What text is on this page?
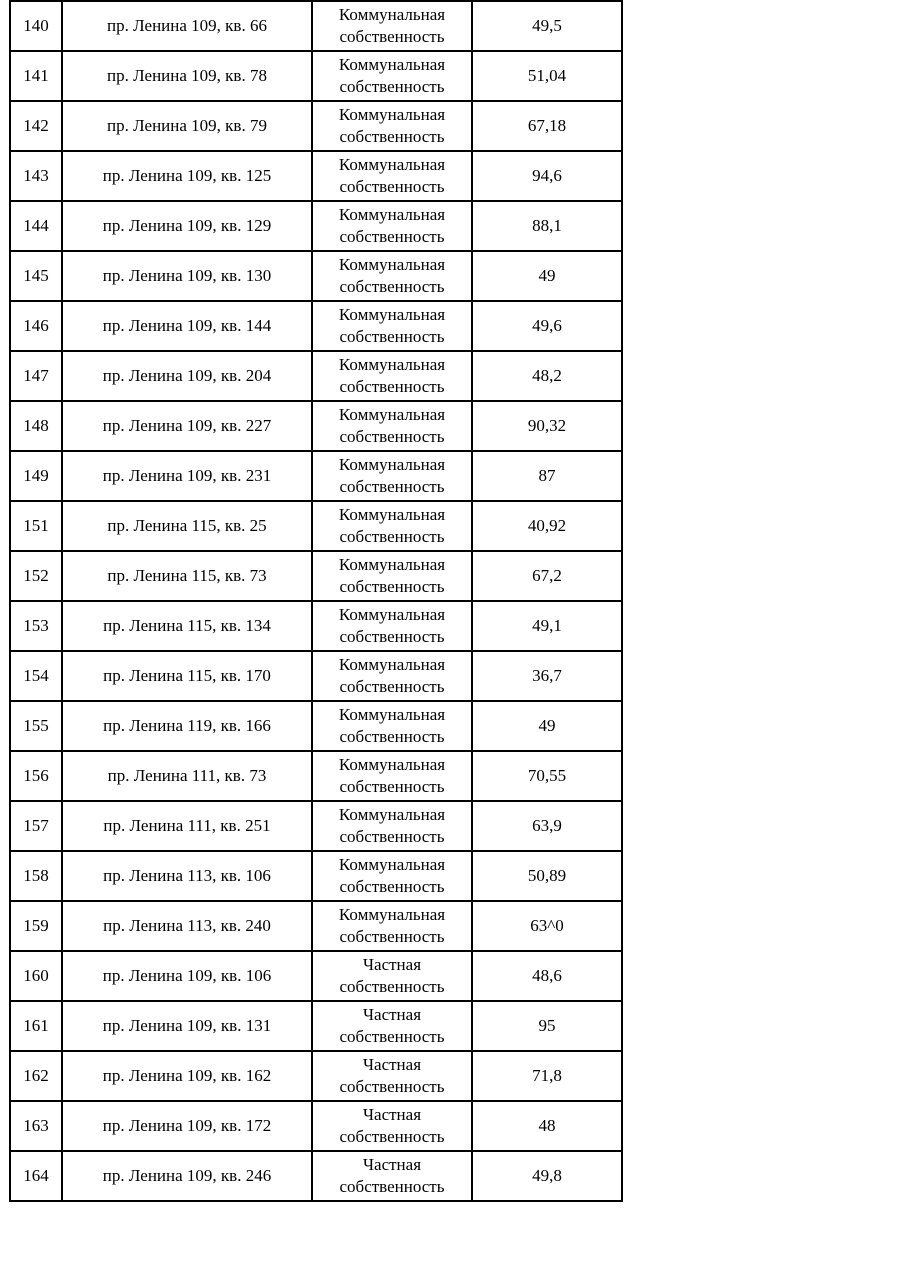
140	пр. Ленина 109, кв. 66	Коммунальная собственность	49,5
141	пр. Ленина 109, кв. 78	Коммунальная собственность	51,04
142	пр. Ленина 109, кв. 79	Коммунальная собственность	67,18
143	пр. Ленина 109, кв. 125	Коммунальная собственность	94,6
144	пр. Ленина 109, кв. 129	Коммунальная собственность	88,1
145	пр. Ленина 109, кв. 130	Коммунальная собственность	49
146	пр. Ленина 109, кв. 144	Коммунальная собственность	49,6
147	пр. Ленина 109, кв. 204	Коммунальная собственность	48,2
148	пр. Ленина 109, кв. 227	Коммунальная собственность	90,32
149	пр. Ленина 109, кв. 231	Коммунальная собственность	87
151	пр. Ленина 115, кв. 25	Коммунальная собственность	40,92
152	пр. Ленина 115, кв. 73	Коммунальная собственность	67,2
153	пр. Ленина 115, кв. 134	Коммунальная собственность	49,1
154	пр. Ленина 115, кв. 170	Коммунальная собственность	36,7
155	пр. Ленина 119, кв. 166	Коммунальная собственность	49
156	пр. Ленина 111, кв. 73	Коммунальная собственность	70,55
157	пр. Ленина 111, кв. 251	Коммунальная собственность	63,9
158	пр. Ленина 113, кв. 106	Коммунальная собственность	50,89
159	пр. Ленина 113, кв. 240	Коммунальная собственность	63^0
160	пр. Ленина 109, кв. 106	Частная собственность	48,6
161	пр. Ленина 109, кв. 131	Частная собственность	95
162	пр. Ленина 109, кв. 162	Частная собственность	71,8
163	пр. Ленина 109, кв. 172	Частная собственность	48
164	пр. Ленина 109, кв. 246	Частная собственность	49,8
